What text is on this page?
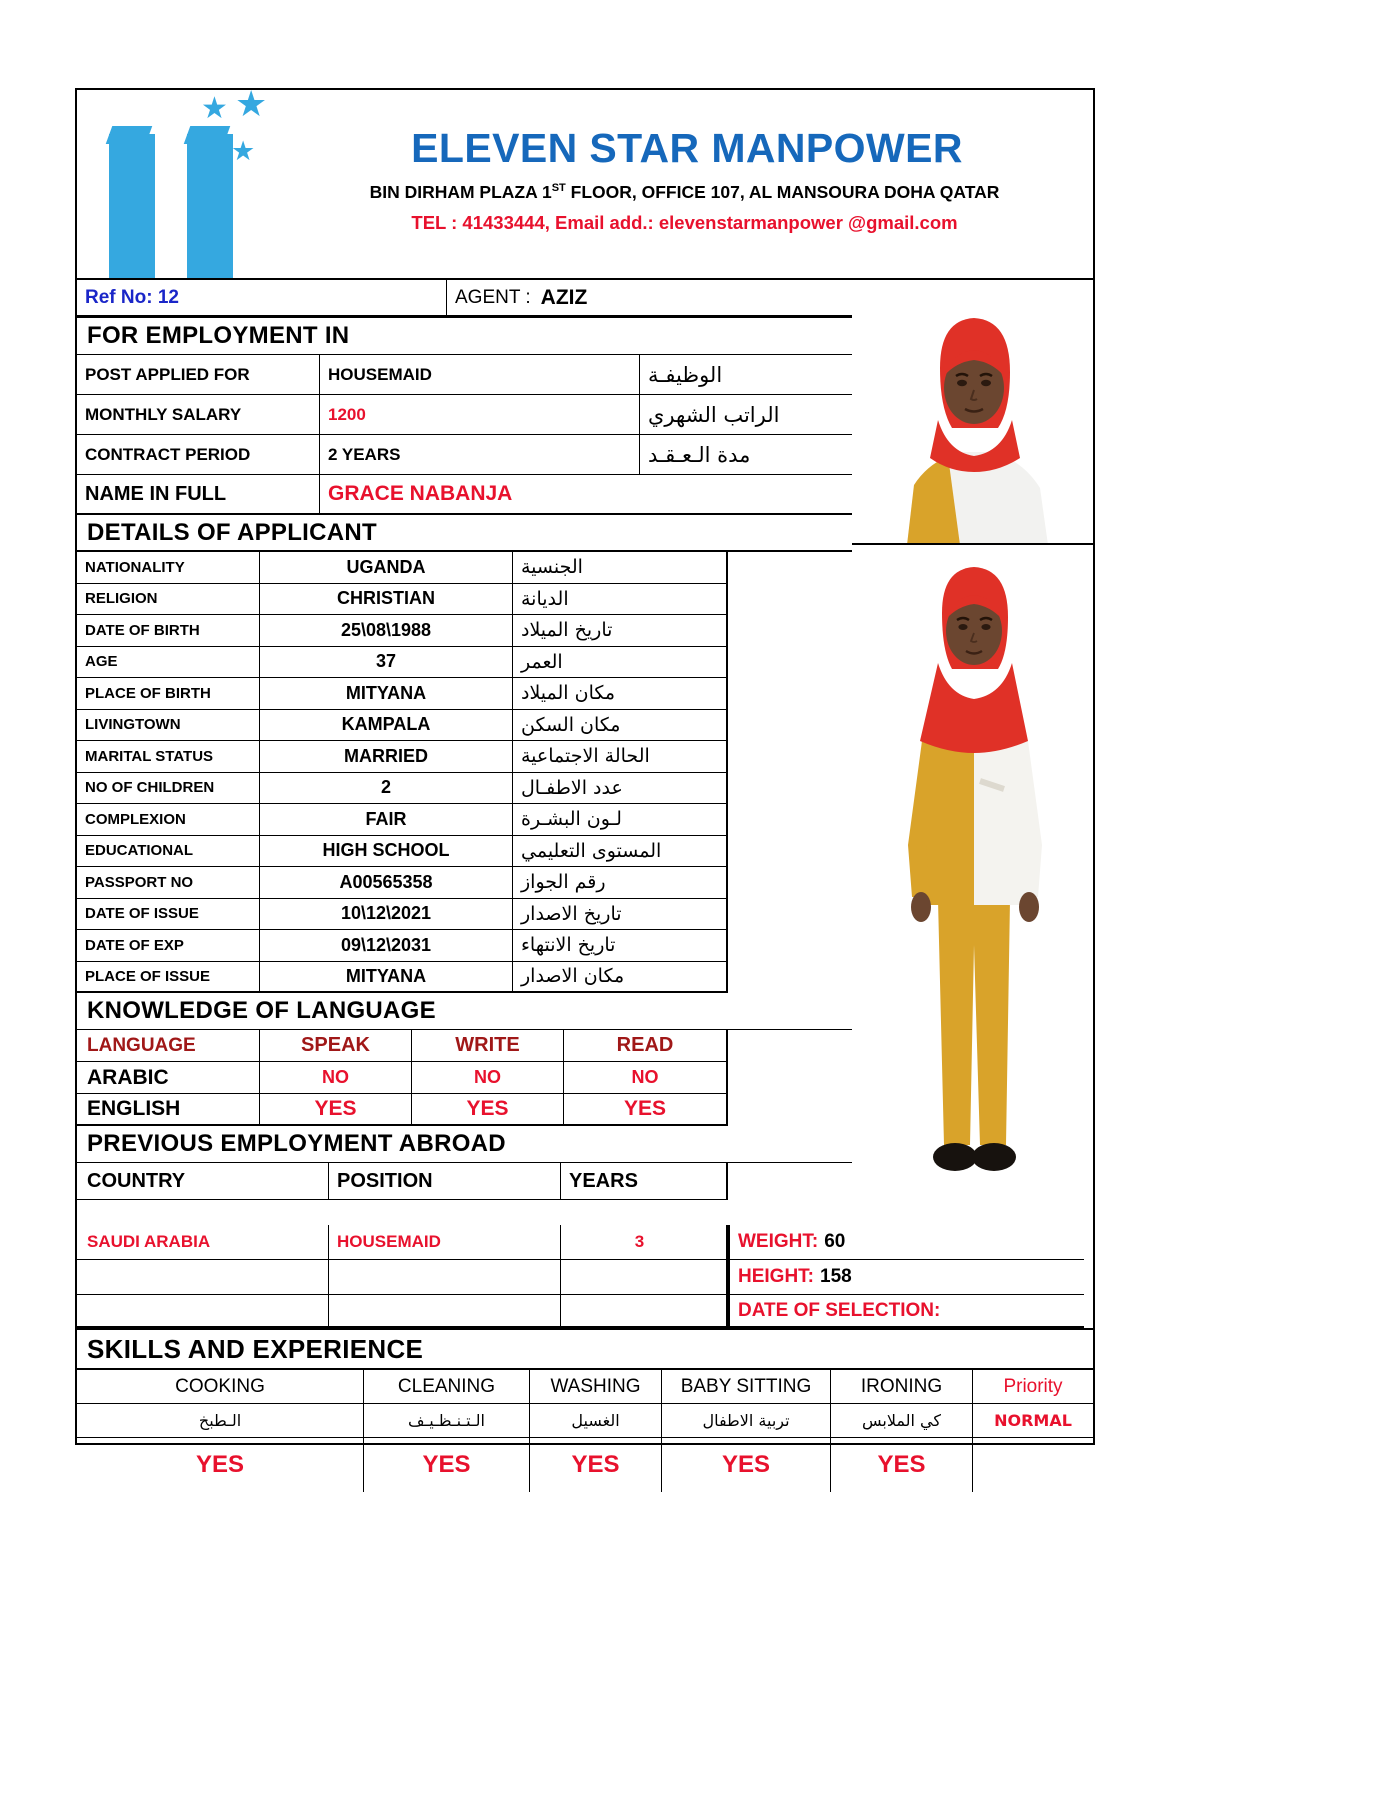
★ ★
★	ELEVEN STAR MANPOWER
BIN DIRHAM PLAZA 1ST FLOOR, OFFICE 107, AL MANSOURA DOHA QATAR
TEL : 41433444, Email add.: elevenstarmanpower @gmail.com
Ref No: 12	AGENT : AZIZ
FOR EMPLOYMENT IN
POST APPLIED FOR	HOUSEMAID	الوظيفـة
MONTHLY SALARY	1200	الراتب الشهري
CONTRACT PERIOD	2 YEARS	مدة الـعـقـد
NAME IN FULL	GRACE NABANJA
DETAILS OF APPLICANT
NATIONALITY	UGANDA	الجنسية
RELIGION	CHRISTIAN	الديانة
DATE OF BIRTH	25\08\1988	تاريخ الميلاد
AGE	37	العمر
PLACE OF BIRTH	MITYANA	مكان الميلاد
LIVINGTOWN	KAMPALA	مكان السكن
MARITAL STATUS	MARRIED	الحالة الاجتماعية
NO OF CHILDREN	2	عدد الاطفـال
COMPLEXION	FAIR	لـون البشـرة
EDUCATIONAL	HIGH SCHOOL	المستوى التعليمي
PASSPORT NO	A00565358	رقم الجواز
DATE OF ISSUE	10\12\2021	تاريخ الاصدار
DATE OF EXP	09\12\2031	تاريخ الانتهاء
PLACE OF ISSUE	MITYANA	مكان الاصدار
KNOWLEDGE OF LANGUAGE
LANGUAGE	SPEAK	WRITE	READ
ARABIC	NO	NO	NO
ENGLISH	YES	YES	YES
PREVIOUS EMPLOYMENT ABROAD
COUNTRY	POSITION	YEARS
SAUDI ARABIA	HOUSEMAID	3	WEIGHT: 60
HEIGHT: 158
DATE OF SELECTION:
SKILLS AND EXPERIENCE
COOKING	CLEANING	WASHING	BABY SITTING	IRONING	Priority
الـطبخ	الـتـنـظـيـف	الغسيل	تربية الاطفال	كي الملابس	NORMAL
YES	YES	YES	YES	YES
